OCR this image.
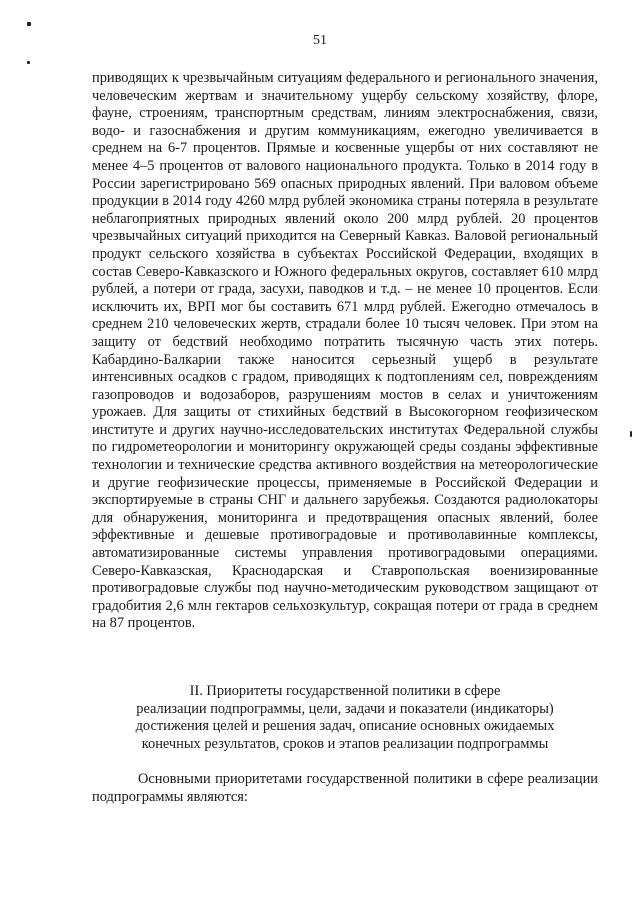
51

приводящих к чрезвычайным ситуациям федерального и регионального значения, человеческим жертвам и значительному ущербу сельскому хозяйству, флоре, фауне, строениям, транспортным средствам, линиям электроснабжения, связи, водо- и газоснабжения и другим коммуникациям, ежегодно увеличивается в среднем на 6-7 процентов. Прямые и косвенные ущербы от них составляют не менее 4–5 процентов от валового национального продукта. Только в 2014 году в России зарегистрировано 569 опасных природных явлений. При валовом объеме продукции в 2014 году 4260 млрд рублей экономика страны потеряла в результате неблагоприятных природных явлений около 200 млрд рублей. 20 процентов чрезвычайных ситуаций приходится на Северный Кавказ. Валовой региональный продукт сельского хозяйства в субъектах Российской Федерации, входящих в состав Северо-Кавказского и Южного федеральных округов, составляет 610 млрд рублей, а потери от града, засухи, паводков и т.д. – не менее 10 процентов. Если исключить их, ВРП мог бы составить 671 млрд рублей. Ежегодно отмечалось в среднем 210 человеческих жертв, страдали более 10 тысяч человек. При этом на защиту от бедствий необходимо потратить тысячную часть этих потерь. Кабардино-Балкарии также наносится серьезный ущерб в результате интенсивных осадков с градом, приводящих к подтоплениям сел, повреждениям газопроводов и водозаборов, разрушениям мостов в селах и уничтожениям урожаев. Для защиты от стихийных бедствий в Высокогорном геофизическом институте и других научно-исследовательских институтах Федеральной службы по гидрометеорологии и мониторингу окружающей среды созданы эффективные технологии и технические средства активного воздействия на метеорологические и другие геофизические процессы, применяемые в Российской Федерации и экспортируемые в страны СНГ и дальнего зарубежья. Создаются радиолокаторы для обнаружения, мониторинга и предотвращения опасных явлений, более эффективные и дешевые противоградовые и противолавинные комплексы, автоматизированные системы управления противоградовыми операциями. Северо-Кавказская, Краснодарская и Ставропольская военизированные противоградовые службы под научно-методическим руководством защищают от градобития 2,6 млн гектаров сельхозкультур, сокращая потери от града в среднем на 87 процентов.

II. Приоритеты государственной политики в сфере
реализации подпрограммы, цели, задачи и показатели (индикаторы)
достижения целей и решения задач, описание основных ожидаемых
конечных результатов, сроков и этапов реализации подпрограммы

Основными приоритетами государственной политики в сфере реализации подпрограммы являются:
